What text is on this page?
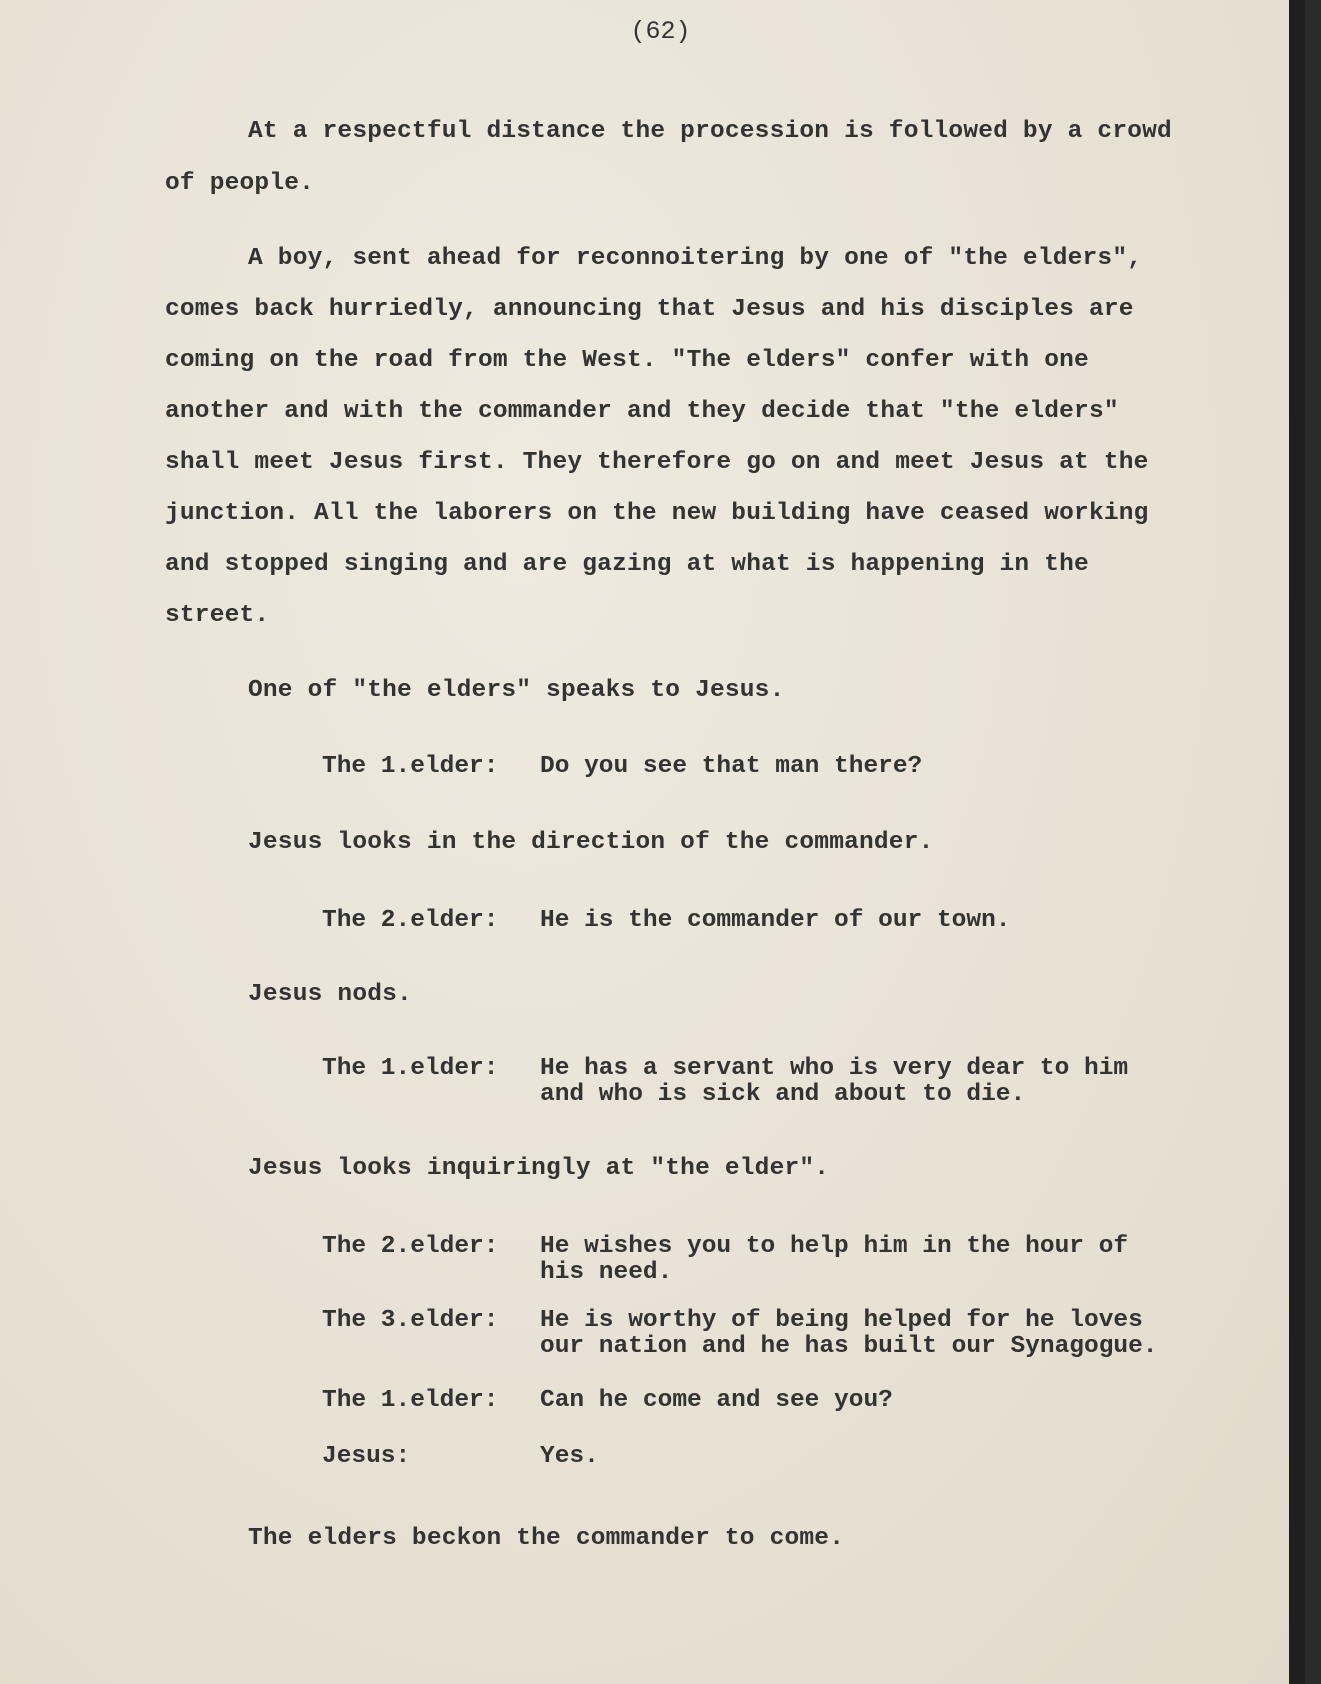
(62)
At a respectful distance the procession is followed by a crowd
of people.
A boy, sent ahead for reconnoitering by one of "the elders",
comes back hurriedly, announcing that Jesus and his disciples are
coming on the road from the West. "The elders" confer with one
another and with the commander and they decide that "the elders"
shall meet Jesus first. They therefore go on and meet Jesus at the
junction. All the laborers on the new building have ceased working
and stopped singing and are gazing at what is happening in the
street.
One of "the elders" speaks to Jesus.
The 1.elder: Do you see that man there?
Jesus looks in the direction of the commander.
The 2.elder: He is the commander of our town.
Jesus nods.
The 1.elder: He has a servant who is very dear to him
and who is sick and about to die.
Jesus looks inquiringly at "the elder".
The 2.elder: He wishes you to help him in the hour of
his need.
The 3.elder: He is worthy of being helped for he loves
our nation and he has built our Synagogue.
The 1.elder: Can he come and see you?
Jesus:	Yes.
The elders beckon the commander to come.
